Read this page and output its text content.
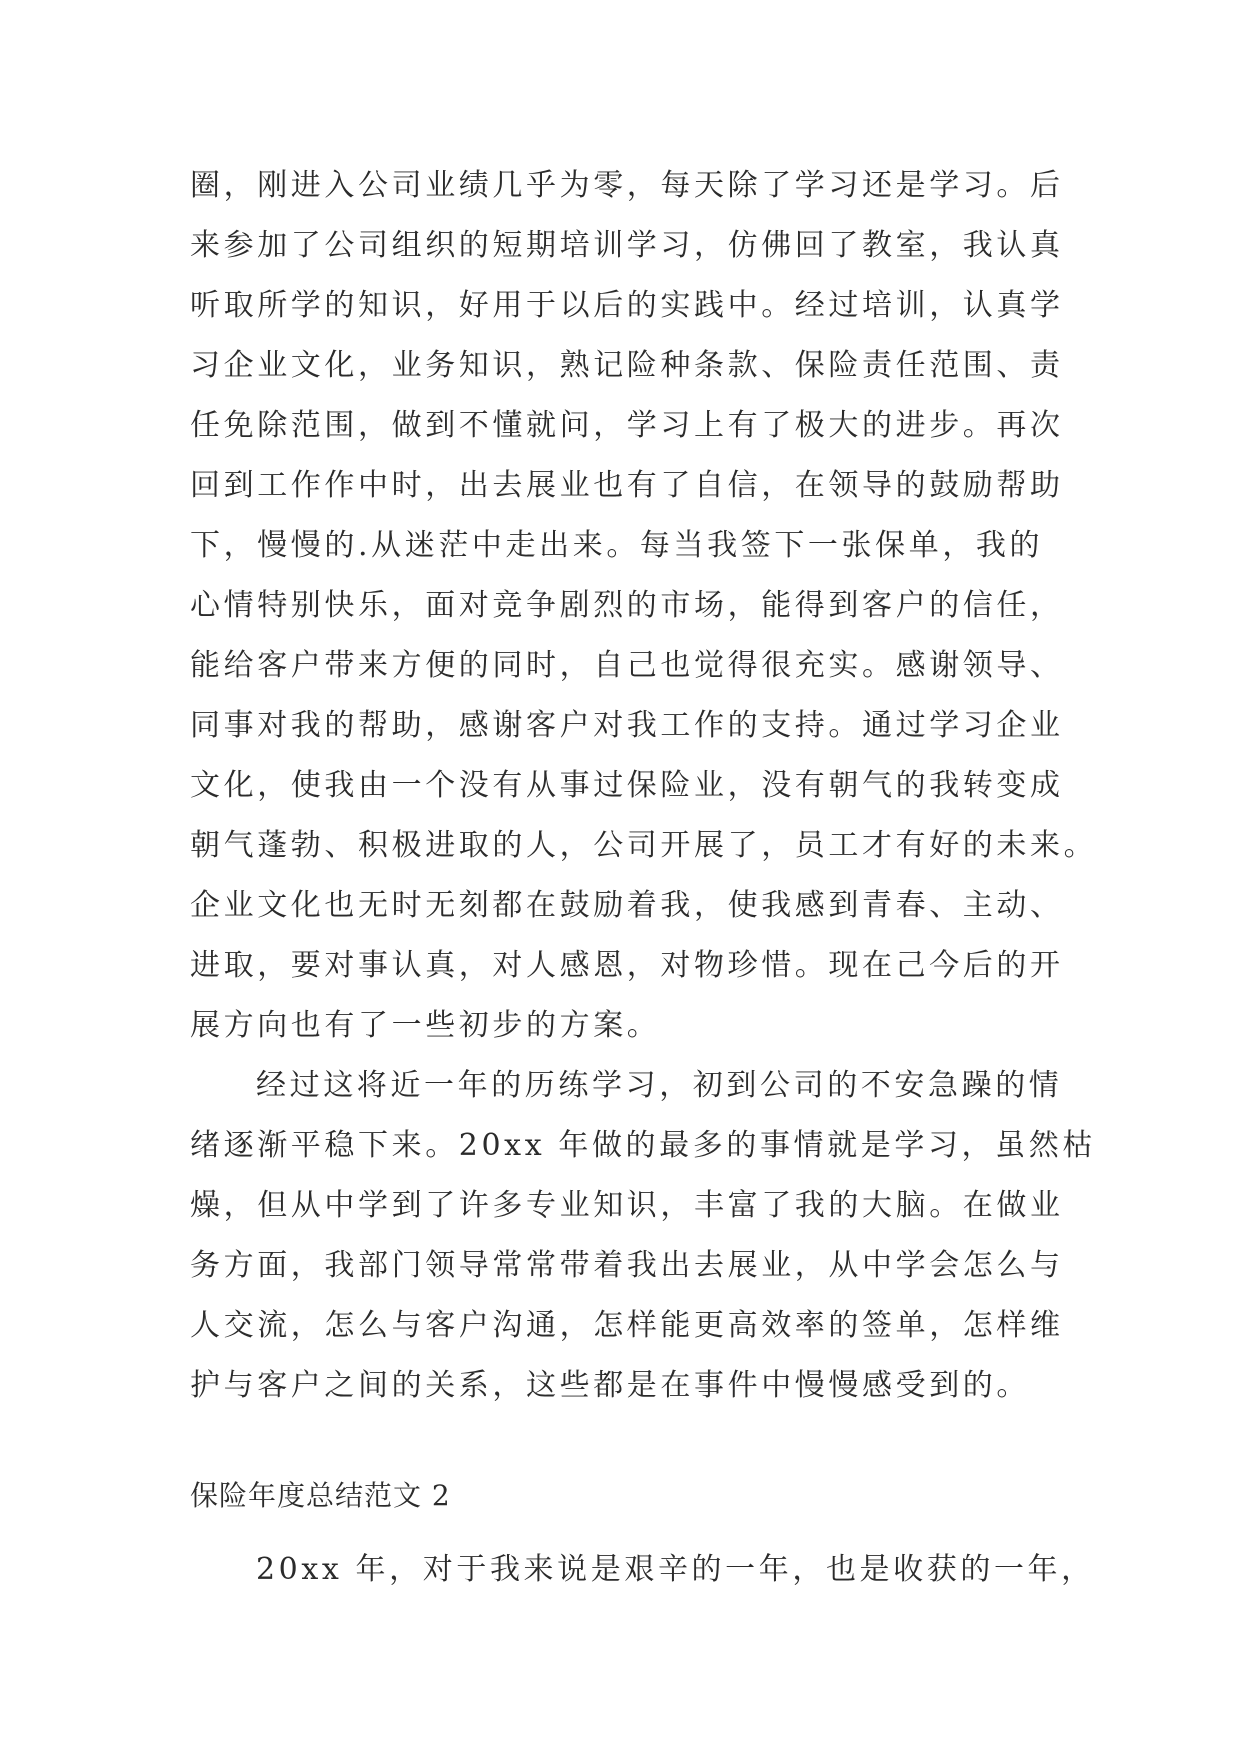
圈，刚进入公司业绩几乎为零，每天除了学习还是学习。后
来参加了公司组织的短期培训学习，仿佛回了教室，我认真
听取所学的知识，好用于以后的实践中。经过培训，认真学
习企业文化，业务知识，熟记险种条款、保险责任范围、责
任免除范围，做到不懂就问，学习上有了极大的进步。再次
回到工作作中时，出去展业也有了自信，在领导的鼓励帮助
下，慢慢的.从迷茫中走出来。每当我签下一张保单，我的
心情特别快乐，面对竞争剧烈的市场，能得到客户的信任，
能给客户带来方便的同时，自己也觉得很充实。感谢领导、
同事对我的帮助，感谢客户对我工作的支持。通过学习企业
文化，使我由一个没有从事过保险业，没有朝气的我转变成
朝气蓬勃、积极进取的人，公司开展了，员工才有好的未来。
企业文化也无时无刻都在鼓励着我，使我感到青春、主动、
进取，要对事认真，对人感恩，对物珍惜。现在己今后的开
展方向也有了一些初步的方案。
经过这将近一年的历练学习，初到公司的不安急躁的情
绪逐渐平稳下来。20xx 年做的最多的事情就是学习，虽然枯
燥，但从中学到了许多专业知识，丰富了我的大脑。在做业
务方面，我部门领导常常带着我出去展业，从中学会怎么与
人交流，怎么与客户沟通，怎样能更高效率的签单，怎样维
护与客户之间的关系，这些都是在事件中慢慢感受到的。
保险年度总结范文 2
20xx 年，对于我来说是艰辛的一年，也是收获的一年，
